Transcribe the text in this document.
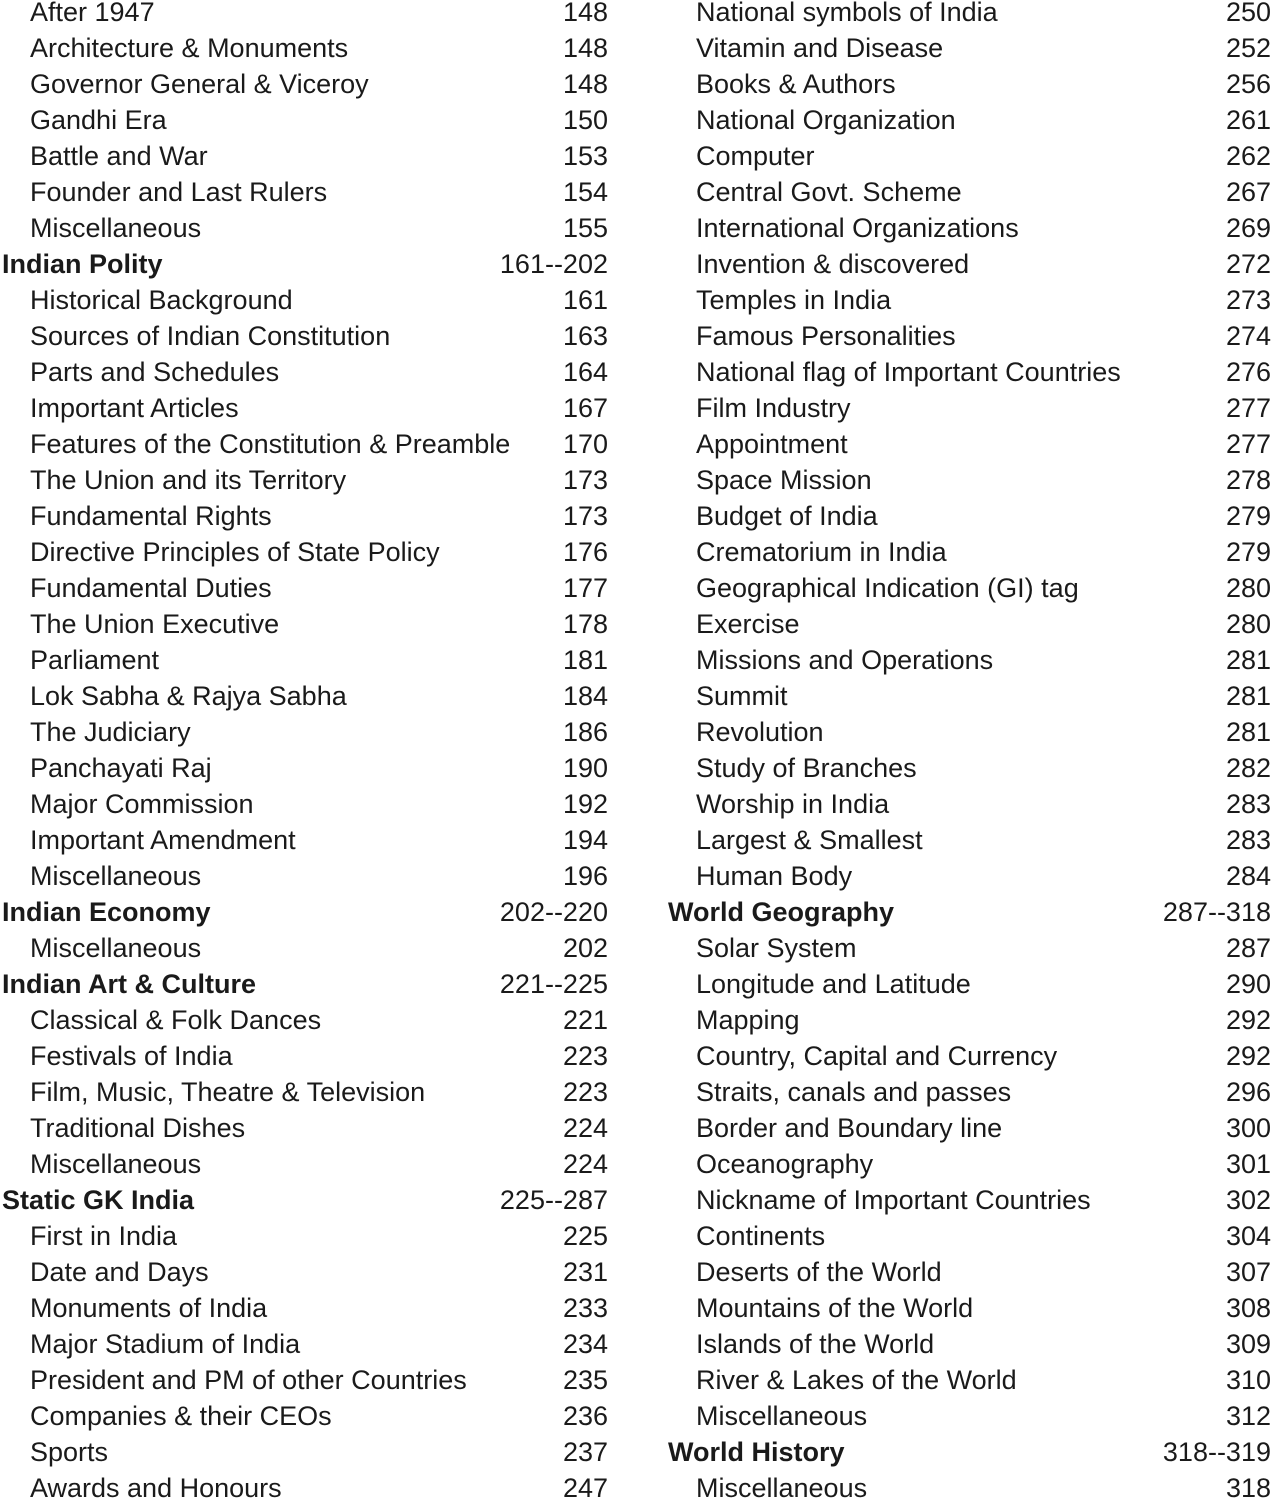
After 1947	148
Architecture & Monuments	148
Governor General & Viceroy	148
Gandhi Era	150
Battle and War	153
Founder and Last Rulers	154
Miscellaneous	155
Indian Polity	161--202
Historical Background	161
Sources of Indian Constitution	163
Parts and Schedules	164
Important Articles	167
Features of the Constitution & Preamble 170
The Union and its Territory	173
Fundamental Rights	173
Directive Principles of State Policy	176
Fundamental Duties	177
The Union Executive	178
Parliament	181
Lok Sabha & Rajya Sabha	184
The Judiciary	186
Panchayati Raj	190
Major Commission	192
Important Amendment	194
Miscellaneous	196
Indian Economy	202--220
Miscellaneous	202
Indian Art & Culture	221--225
Classical & Folk Dances	221
Festivals of India	223
Film, Music, Theatre & Television	223
Traditional Dishes	224
Miscellaneous	224
Static GK India	225--287
First in India	225
Date and Days	231
Monuments of India	233
Major Stadium of India	234
President and PM of other Countries	235
Companies & their CEOs	236
Sports	237
Awards and Honours	247
National symbols of India	250
Vitamin and Disease	252
Books & Authors	256
National Organization	261
Computer	262
Central Govt. Scheme	267
International Organizations	269
Invention & discovered	272
Temples in India	273
Famous Personalities	274
National flag of Important Countries	276
Film Industry	277
Appointment	277
Space Mission	278
Budget of India	279
Crematorium in India	279
Geographical Indication (GI) tag	280
Exercise	280
Missions and Operations	281
Summit	281
Revolution	281
Study of Branches	282
Worship in India	283
Largest & Smallest	283
Human Body	284
World Geography	287--318
Solar System	287
Longitude and Latitude	290
Mapping	292
Country, Capital and Currency	292
Straits, canals and passes	296
Border and Boundary line	300
Oceanography	301
Nickname of Important Countries	302
Continents	304
Deserts of the World	307
Mountains of the World	308
Islands of the World	309
River & Lakes of the World	310
Miscellaneous	312
World History	318--319
Miscellaneous	318
